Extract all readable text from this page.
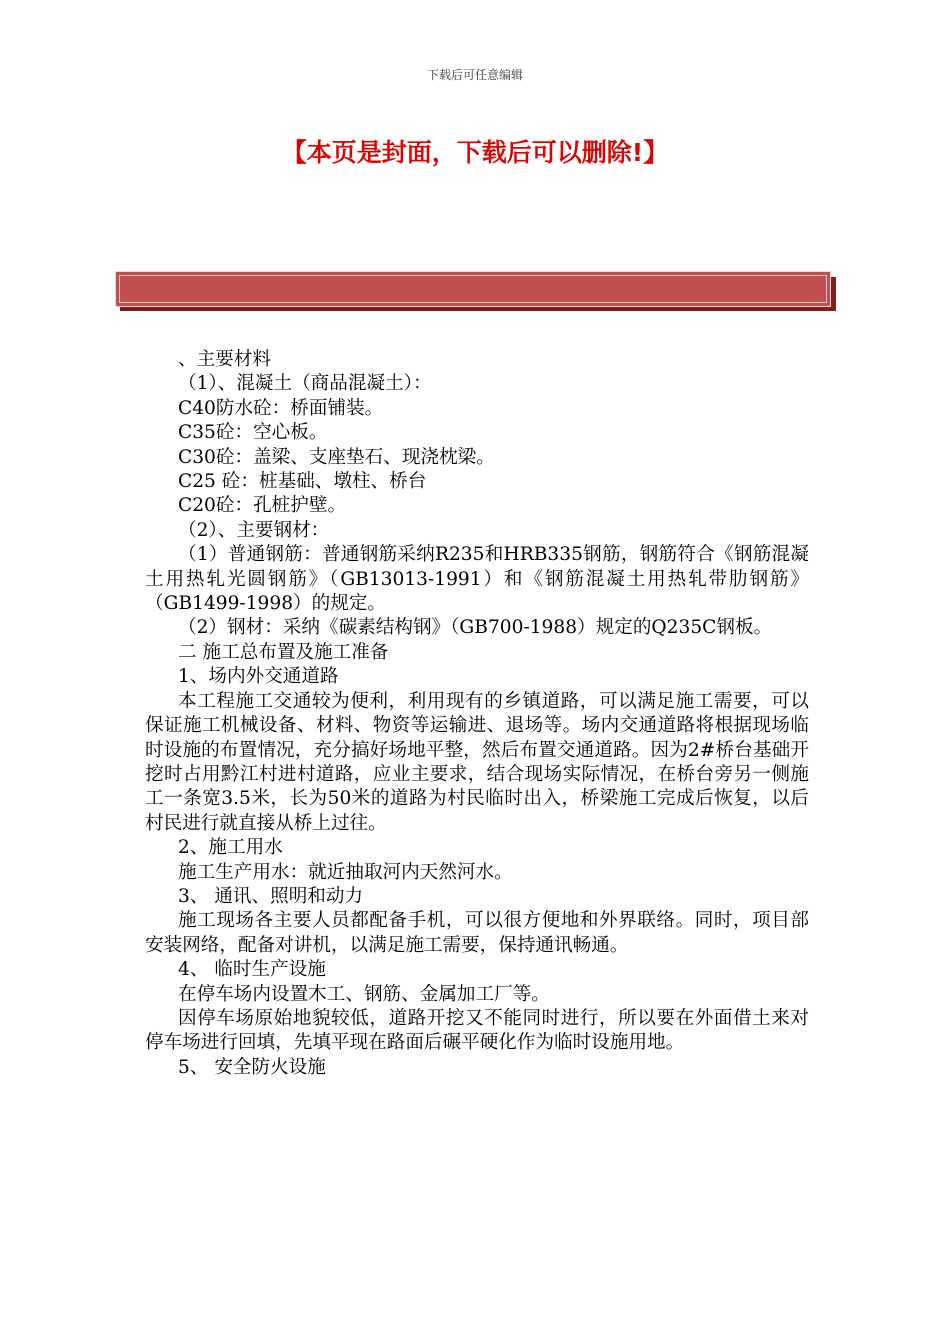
下载后可任意编辑
【本页是封面，下载后可以删除!】

、主要材料

（1）、混凝土（商品混凝土）：

C40防水砼：桥面铺装。

C35砼：空心板。

C30砼：盖梁、支座垫石、现浇枕梁。

C25 砼：桩基础、墩柱、桥台

C20砼：孔桩护壁。

（2）、主要钢材：

（1）普通钢筋：普通钢筋采纳R235和HRB335钢筋，钢筋符合《钢筋混凝土用热轧光圆钢筋》（GB13013-1991）和《钢筋混凝土用热轧带肋钢筋》（GB1499-1998）的规定。

（2）钢材：采纳《碳素结构钢》（GB700-1988）规定的Q235C钢板。

二 施工总布置及施工准备

1、场内外交通道路

本工程施工交通较为便利，利用现有的乡镇道路，可以满足施工需要，可以保证施工机械设备、材料、物资等运输进、退场等。场内交通道路将根据现场临时设施的布置情况，充分搞好场地平整，然后布置交通道路。因为2#桥台基础开挖时占用黔江村进村道路，应业主要求，结合现场实际情况，在桥台旁另一侧施工一条宽3.5米，长为50米的道路为村民临时出入，桥梁施工完成后恢复，以后村民进行就直接从桥上过往。

2、施工用水

施工生产用水：就近抽取河内天然河水。

3、 通讯、照明和动力

施工现场各主要人员都配备手机，可以很方便地和外界联络。同时，项目部安装网络，配备对讲机，以满足施工需要，保持通讯畅通。

4、 临时生产设施

在停车场内设置木工、钢筋、金属加工厂等。

因停车场原始地貌较低，道路开挖又不能同时进行，所以要在外面借土来对停车场进行回填，先填平现在路面后碾平硬化作为临时设施用地。

5、 安全防火设施
